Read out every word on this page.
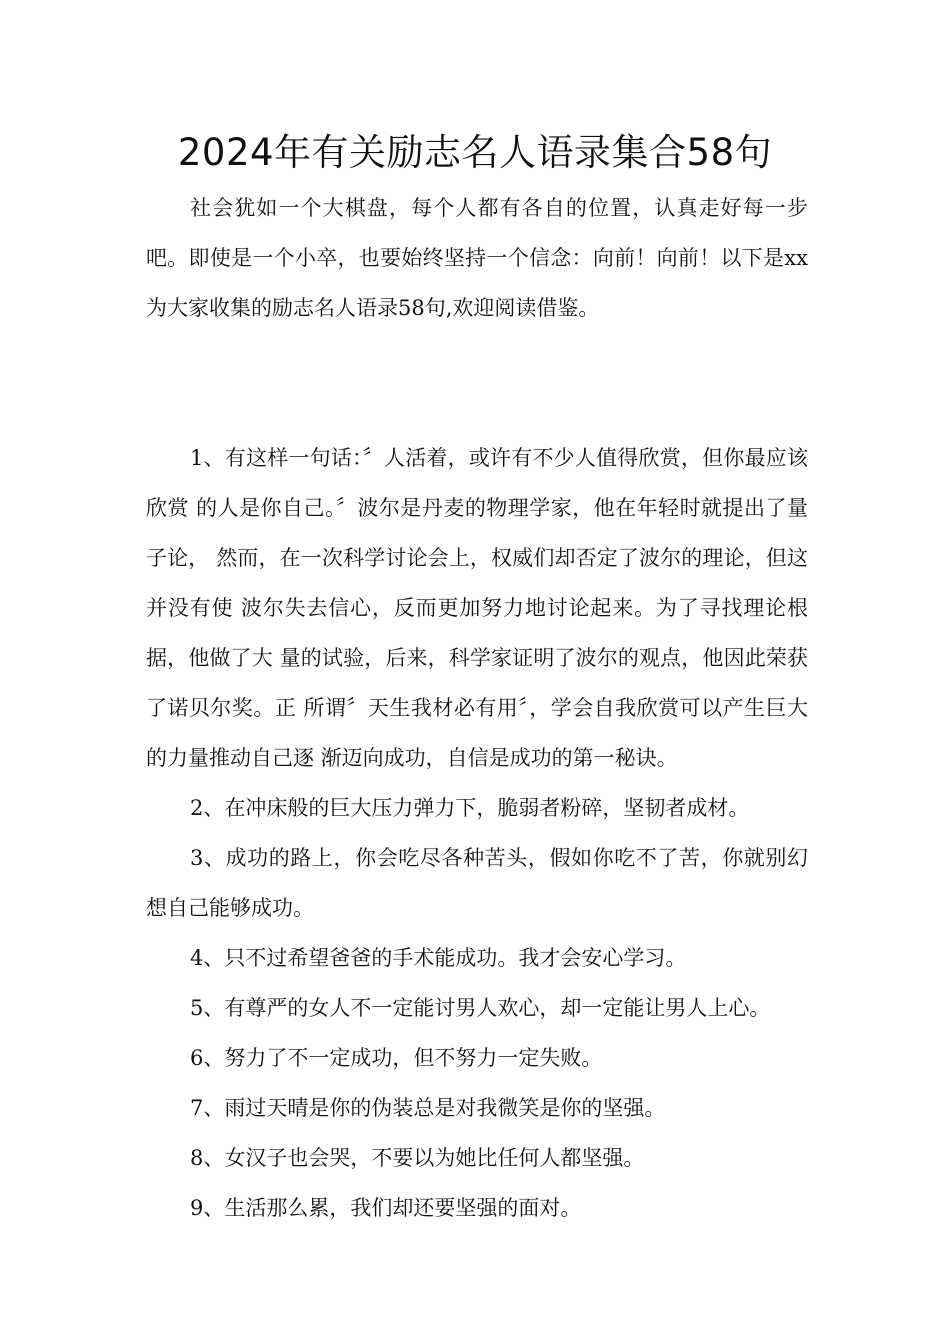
2024年有关励志名人语录集合58句

社会犹如一个大棋盘，每个人都有各自的位置，认真走好每一步吧。即使是一个小卒，也要始终坚持一个信念：向前！向前！以下是xx为大家收集的励志名人语录58句,欢迎阅读借鉴。

1、有这样一句话：〞人活着，或许有不少人值得欣赏，但你最应该欣赏 的人是你自己。〞波尔是丹麦的物理学家，他在年轻时就提出了量子论， 然而，在一次科学讨论会上，权威们却否定了波尔的理论，但这并没有使 波尔失去信心，反而更加努力地讨论起来。为了寻找理论根据，他做了大 量的试验，后来，科学家证明了波尔的观点，他因此荣获了诺贝尔奖。正 所谓〞天生我材必有用〞，学会自我欣赏可以产生巨大的力量推动自己逐 渐迈向成功，自信是成功的第一秘诀。

2、在冲床般的巨大压力弹力下，脆弱者粉碎，坚韧者成材。

3、成功的路上，你会吃尽各种苦头，假如你吃不了苦，你就别幻想自己能够成功。

4、只不过希望爸爸的手术能成功。我才会安心学习。

5、有尊严的女人不一定能讨男人欢心，却一定能让男人上心。

6、努力了不一定成功，但不努力一定失败。

7、雨过天晴是你的伪装总是对我微笑是你的坚强。

8、女汉子也会哭，不要以为她比任何人都坚强。

9、生活那么累，我们却还要坚强的面对。
